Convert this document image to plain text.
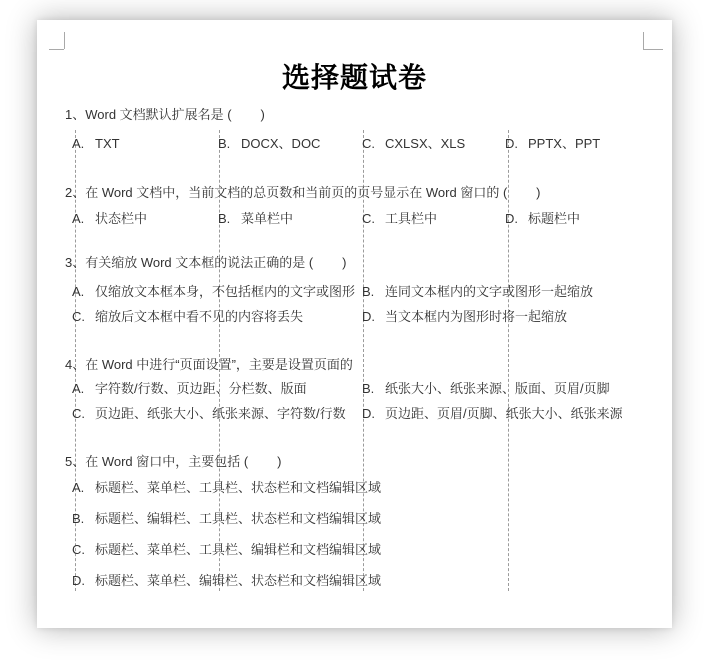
选择题试卷
1、Word 文档默认扩展名是 (        )
A. TXT	B. DOCX、DOC	C. CXLSX、XLS	D. PPTX、PPT
2、在 Word 文档中，当前文档的总页数和当前页的页号显示在 Word 窗口的 (        )
A. 状态栏中	B. 菜单栏中	C. 工具栏中	D. 标题栏中
3、有关缩放 Word 文本框的说法正确的是 (        )
A. 仅缩放文本框本身，不包括框内的文字或图形 B. 连同文本框内的文字或图形一起缩放
C. 缩放后文本框中看不见的内容将丢失	D. 当文本框内为图形时将一起缩放
4、在 Word 中进行“页面设置”，主要是设置页面的
A. 字符数/行数、页边距、分栏数、版面	B. 纸张大小、纸张来源、版面、页眉/页脚
C. 页边距、纸张大小、纸张来源、字符数/行数 D. 页边距、页眉/页脚、纸张大小、纸张来源
5、在 Word 窗口中，主要包括 (        )
A. 标题栏、菜单栏、工具栏、状态栏和文档编辑区域
B. 标题栏、编辑栏、工具栏、状态栏和文档编辑区域
C. 标题栏、菜单栏、工具栏、编辑栏和文档编辑区域
D. 标题栏、菜单栏、编辑栏、状态栏和文档编辑区域
